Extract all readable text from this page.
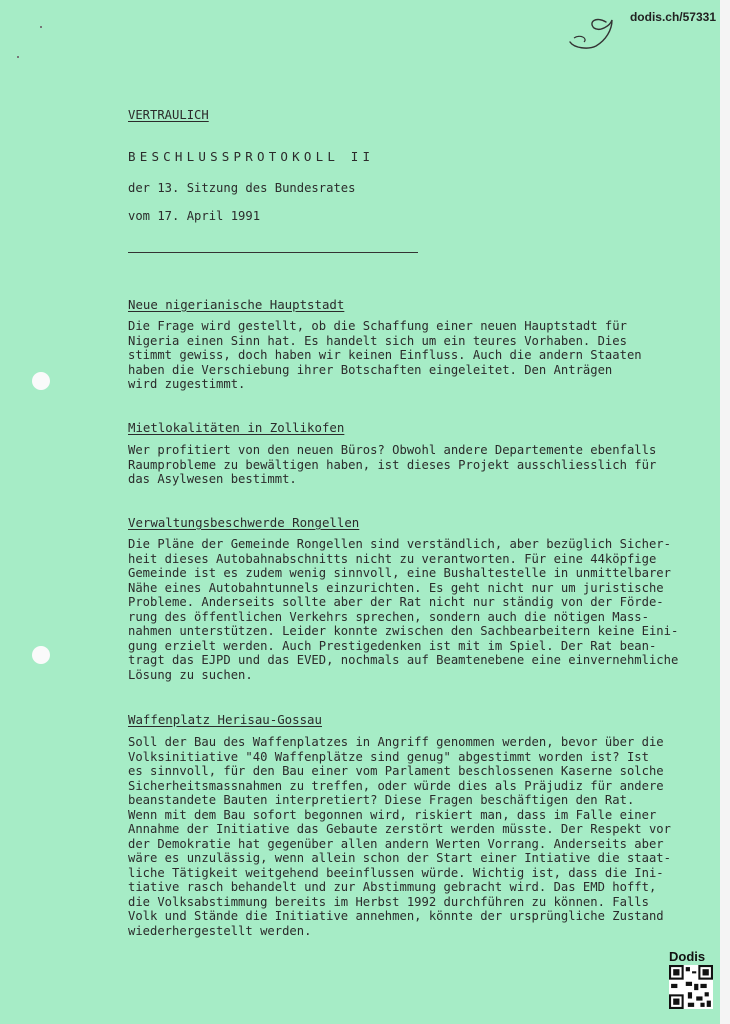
dodis.ch/57331
VERTRAULICH
BESCHLUSSPROTOKOLL II
der 13. Sitzung des Bundesrates
vom 17. April 1991
Neue nigerianische Hauptstadt
Die Frage wird gestellt, ob die Schaffung einer neuen Hauptstadt für
Nigeria einen Sinn hat. Es handelt sich um ein teures Vorhaben. Dies
stimmt gewiss, doch haben wir keinen Einfluss. Auch die andern Staaten
haben die Verschiebung ihrer Botschaften eingeleitet. Den Anträgen
wird zugestimmt.
Mietlokalitäten in Zollikofen
Wer profitiert von den neuen Büros? Obwohl andere Departemente ebenfalls
Raumprobleme zu bewältigen haben, ist dieses Projekt ausschliesslich für
das Asylwesen bestimmt.
Verwaltungsbeschwerde Rongellen
Die Pläne der Gemeinde Rongellen sind verständlich, aber bezüglich Sicher-
heit dieses Autobahnabschnitts nicht zu verantworten. Für eine 44köpfige
Gemeinde ist es zudem wenig sinnvoll, eine Bushaltestelle in unmittelbarer
Nähe eines Autobahntunnels einzurichten. Es geht nicht nur um juristische
Probleme. Anderseits sollte aber der Rat nicht nur ständig von der Förde-
rung des öffentlichen Verkehrs sprechen, sondern auch die nötigen Mass-
nahmen unterstützen. Leider konnte zwischen den Sachbearbeitern keine Eini-
gung erzielt werden. Auch Prestigedenken ist mit im Spiel. Der Rat bean-
tragt das EJPD und das EVED, nochmals auf Beamtenebene eine einvernehmliche
Lösung zu suchen.
Waffenplatz Herisau-Gossau
Soll der Bau des Waffenplatzes in Angriff genommen werden, bevor über die
Volksinitiative "40 Waffenplätze sind genug" abgestimmt worden ist? Ist
es sinnvoll, für den Bau einer vom Parlament beschlossenen Kaserne solche
Sicherheitsmassnahmen zu treffen, oder würde dies als Präjudiz für andere
beanstandete Bauten interpretiert? Diese Fragen beschäftigen den Rat.
Wenn mit dem Bau sofort begonnen wird, riskiert man, dass im Falle einer
Annahme der Initiative das Gebaute zerstört werden müsste. Der Respekt vor
der Demokratie hat gegenüber allen andern Werten Vorrang. Anderseits aber
wäre es unzulässig, wenn allein schon der Start einer Intiative die staat-
liche Tätigkeit weitgehend beeinflussen würde. Wichtig ist, dass die Ini-
tiative rasch behandelt und zur Abstimmung gebracht wird. Das EMD hofft,
die Volksabstimmung bereits im Herbst 1992 durchführen zu können. Falls
Volk und Stände die Initiative annehmen, könnte der ursprüngliche Zustand
wiederhergestellt werden.
Dodis
